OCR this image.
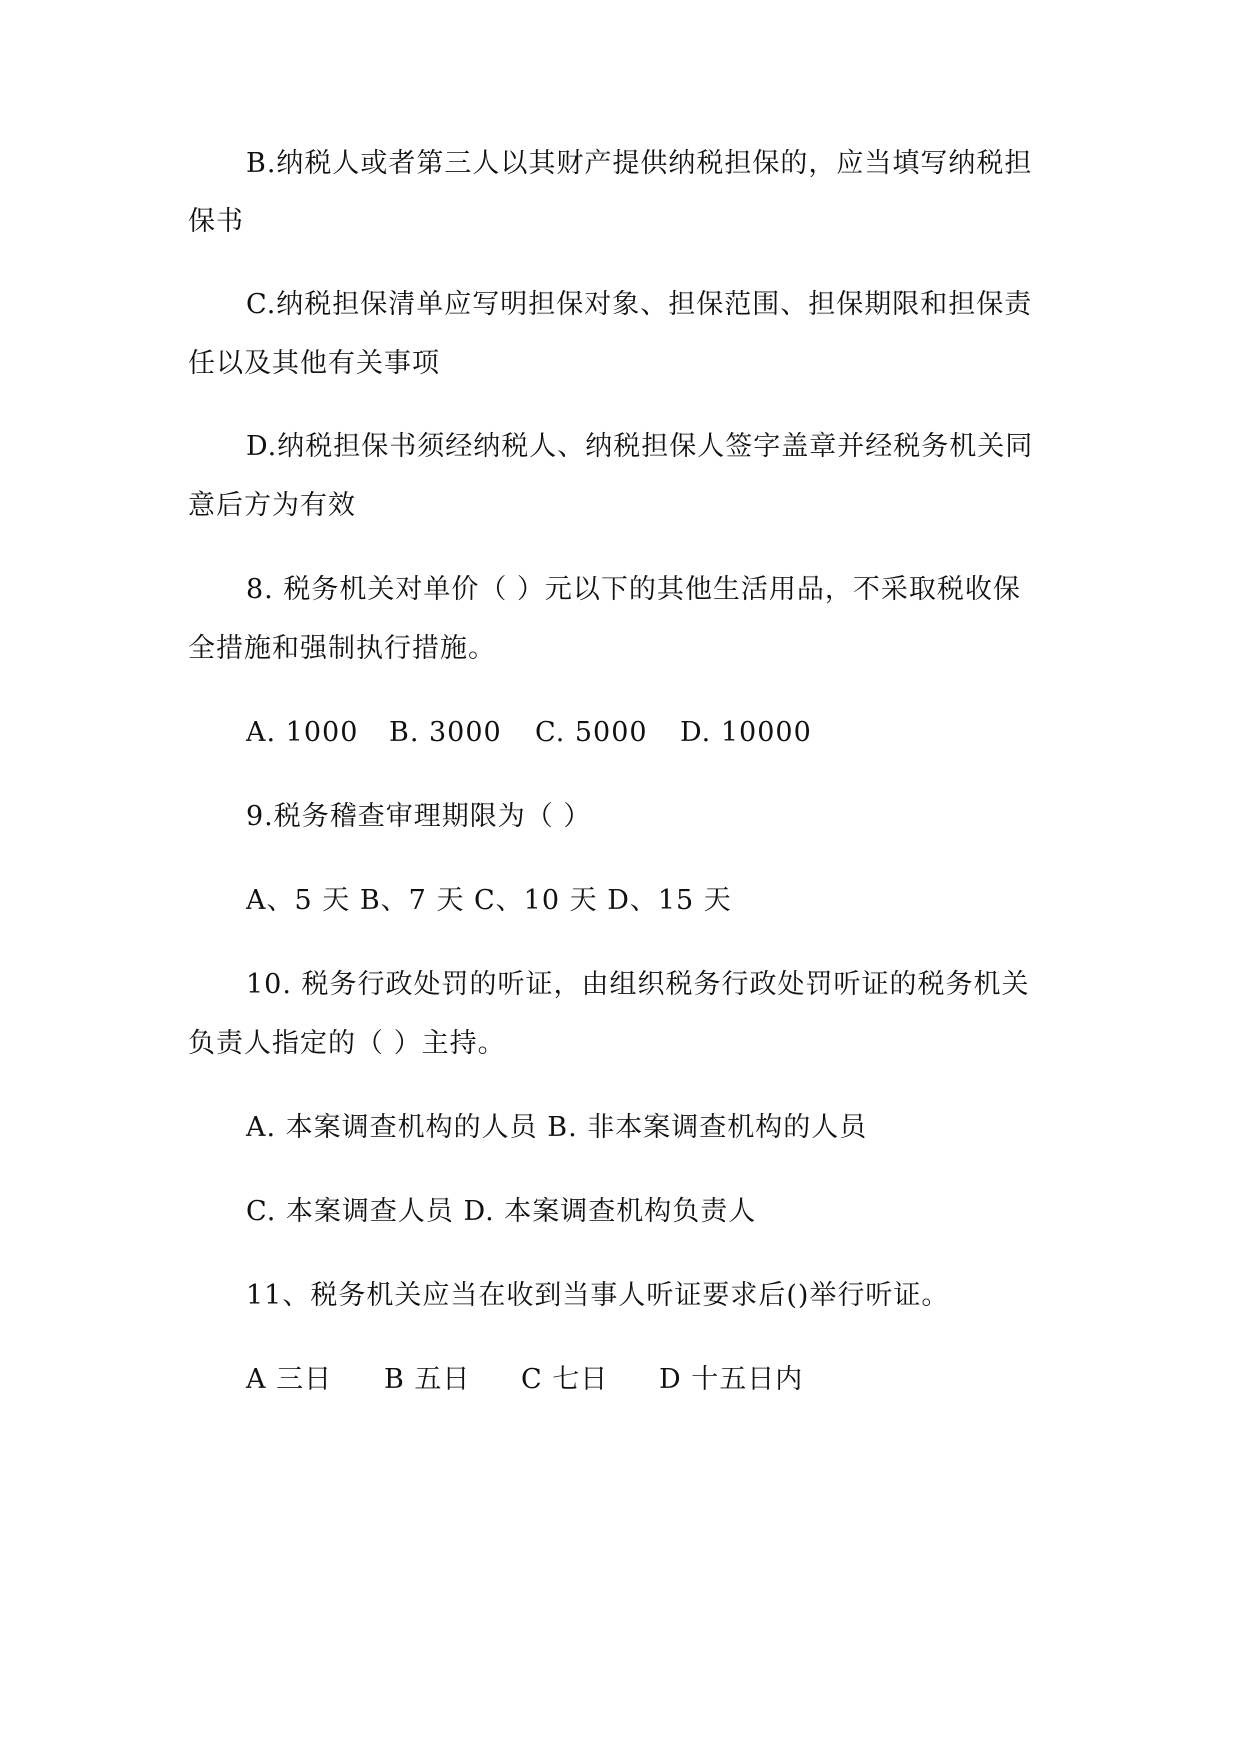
B.纳税人或者第三人以其财产提供纳税担保的，应当填写纳税担
保书
C.纳税担保清单应写明担保对象、担保范围、担保期限和担保责
任以及其他有关事项
D.纳税担保书须经纳税人、纳税担保人签字盖章并经税务机关同
意后方为有效
8. 税务机关对单价（ ）元以下的其他生活用品，不采取税收保
全措施和强制执行措施。
A. 1000 B. 3000 C. 5000 D. 10000
9.税务稽查审理期限为（ ）
A、5 天 B、7 天 C、10 天 D、15 天
10. 税务行政处罚的听证，由组织税务行政处罚听证的税务机关
负责人指定的（ ）主持。
A. 本案调查机构的人员 B. 非本案调查机构的人员
C. 本案调查人员 D. 本案调查机构负责人
11、税务机关应当在收到当事人听证要求后()举行听证。
A 三日 B 五日 C 七日 D 十五日内
